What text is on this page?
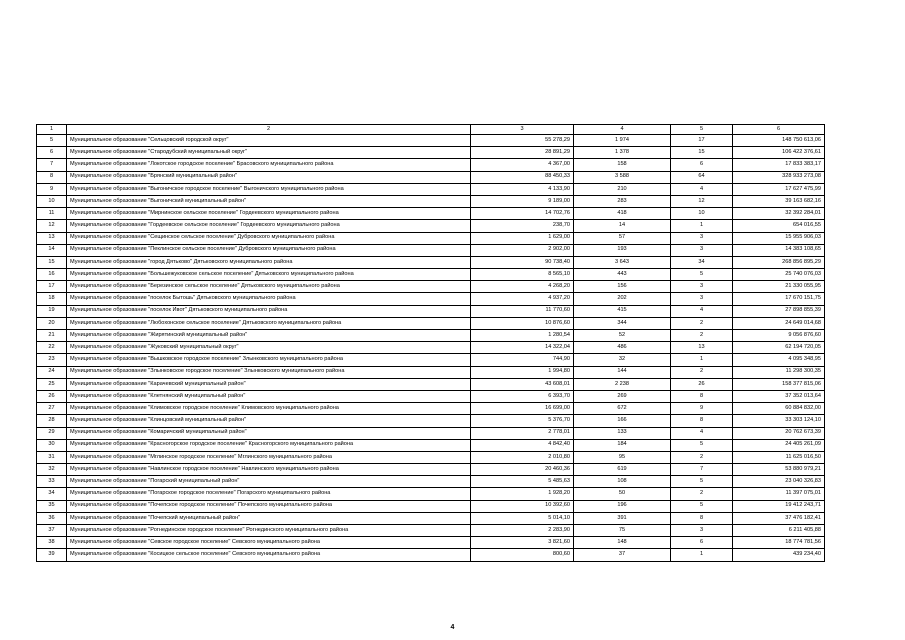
1	2	3	4	5	6
5	Муниципальное образование "Сельцовский городской округ"	55 278,29	1 974	17	148 750 613,06
6	Муниципальное образование "Стародубский муниципальный округ"	28 891,29	1 378	15	106 422 376,61
7	Муниципальное образование "Локотское городское поселение" Брасовского муниципального района	4 367,00	158	6	17 833 383,17
8	Муниципальное образование "Брянский муниципальный район"	88 450,33	3 588	64	328 933 273,08
9	Муниципальное образование "Выгоничское городское поселение" Выгоничского муниципального района	4 133,90	210	4	17 627 475,99
10	Муниципальное образование "Выгоничский муниципальный район"	9 189,00	283	12	39 163 682,16
11	Муниципальное образование "Мирнинское сельское поселение" Гордеевского муниципального района	14 702,76	418	10	32 392 284,01
12	Муниципальное образование "Гордеевское сельское поселение" Гордеевского муниципального района	238,70	14	1	654 016,55
13	Муниципальное образование "Сещинское сельское поселение" Дубровского муниципального района	1 629,00	57	3	15 955 906,03
14	Муниципальное образование "Пеклинское сельское поселение" Дубровского муниципального района	2 902,00	193	3	14 383 108,65
15	Муниципальное образование "город Дятьково" Дятьковского муниципального района	90 738,40	3 643	34	268 856 895,29
16	Муниципальное образование "Большежуковское сельское поселение" Дятьковского муниципального района	8 565,10	443	5	25 740 076,03
17	Муниципальное образование "Березинское сельское поселение" Дятьковского муниципального района	4 268,20	156	3	21 330 055,95
18	Муниципальное образование "поселок Бытошь" Дятьковского муниципального района	4 937,20	202	3	17 670 151,75
19	Муниципальное образование "поселок Ивот" Дятьковского муниципального района	11 770,60	415	4	27 898 855,39
20	Муниципальное образование "Любохонское сельское поселение" Дятьковского муниципального района	10 876,60	344	2	24 649 014,68
21	Муниципальное образование "Жирятинский муниципальный район"	1 280,54	52	2	9 056 876,60
22	Муниципальное образование "Жуковский муниципальный округ"	14 322,04	486	13	62 194 720,05
23	Муниципальное образование "Вышковское городское поселение" Злынковского муниципального района	744,90	32	1	4 095 348,95
24	Муниципальное образование "Злынковское городское поселение" Злынковского муниципального района	1 994,80	144	2	11 298 300,35
25	Муниципальное образование "Карачевский муниципальный район"	43 608,01	2 238	26	158 377 815,06
26	Муниципальное образование "Клетнянский муниципальный район"	6 393,70	269	8	37 352 013,64
27	Муниципальное образование "Климовское городское поселение" Климовского муниципального района	16 699,00	672	9	60 884 832,00
28	Муниципальное образование "Клинцовский муниципальный район"	5 376,70	166	8	33 303 124,10
29	Муниципальное образование "Комаричский муниципальный район"	2 778,01	133	4	20 762 673,39
30	Муниципальное образование "Красногорское городское поселение" Красногорского муниципального района	4 842,40	184	5	24 405 261,09
31	Муниципальное образование "Мглинское городское поселение" Мглинского муниципального района	2 010,80	95	2	11 625 016,50
32	Муниципальное образование "Навлинское городское поселение" Навлинского муниципального района	20 460,36	619	7	53 880 979,21
33	Муниципальное образование "Погарский муниципальный район"	5 485,63	108	5	23 040 326,83
34	Муниципальное образование "Погарское городское поселение" Погарского муниципального района	1 928,20	50	2	11 397 075,01
35	Муниципальное образование "Почепское городское поселение" Почепского муниципального района	10 392,60	196	5	19 412 243,71
36	Муниципальное образование "Почепский муниципальный район"	5 014,10	391	8	37 476 182,41
37	Муниципальное образование "Рогнединское городское поселение" Рогнединского муниципального района	2 283,90	75	3	6 211 405,88
38	Муниципальное образование "Севское городское поселение" Севского муниципального района	3 821,60	148	6	18 774 781,56
39	Муниципальное образование "Косицкое сельское поселение" Севского муниципального района	800,60	37	1	439 234,40
4
